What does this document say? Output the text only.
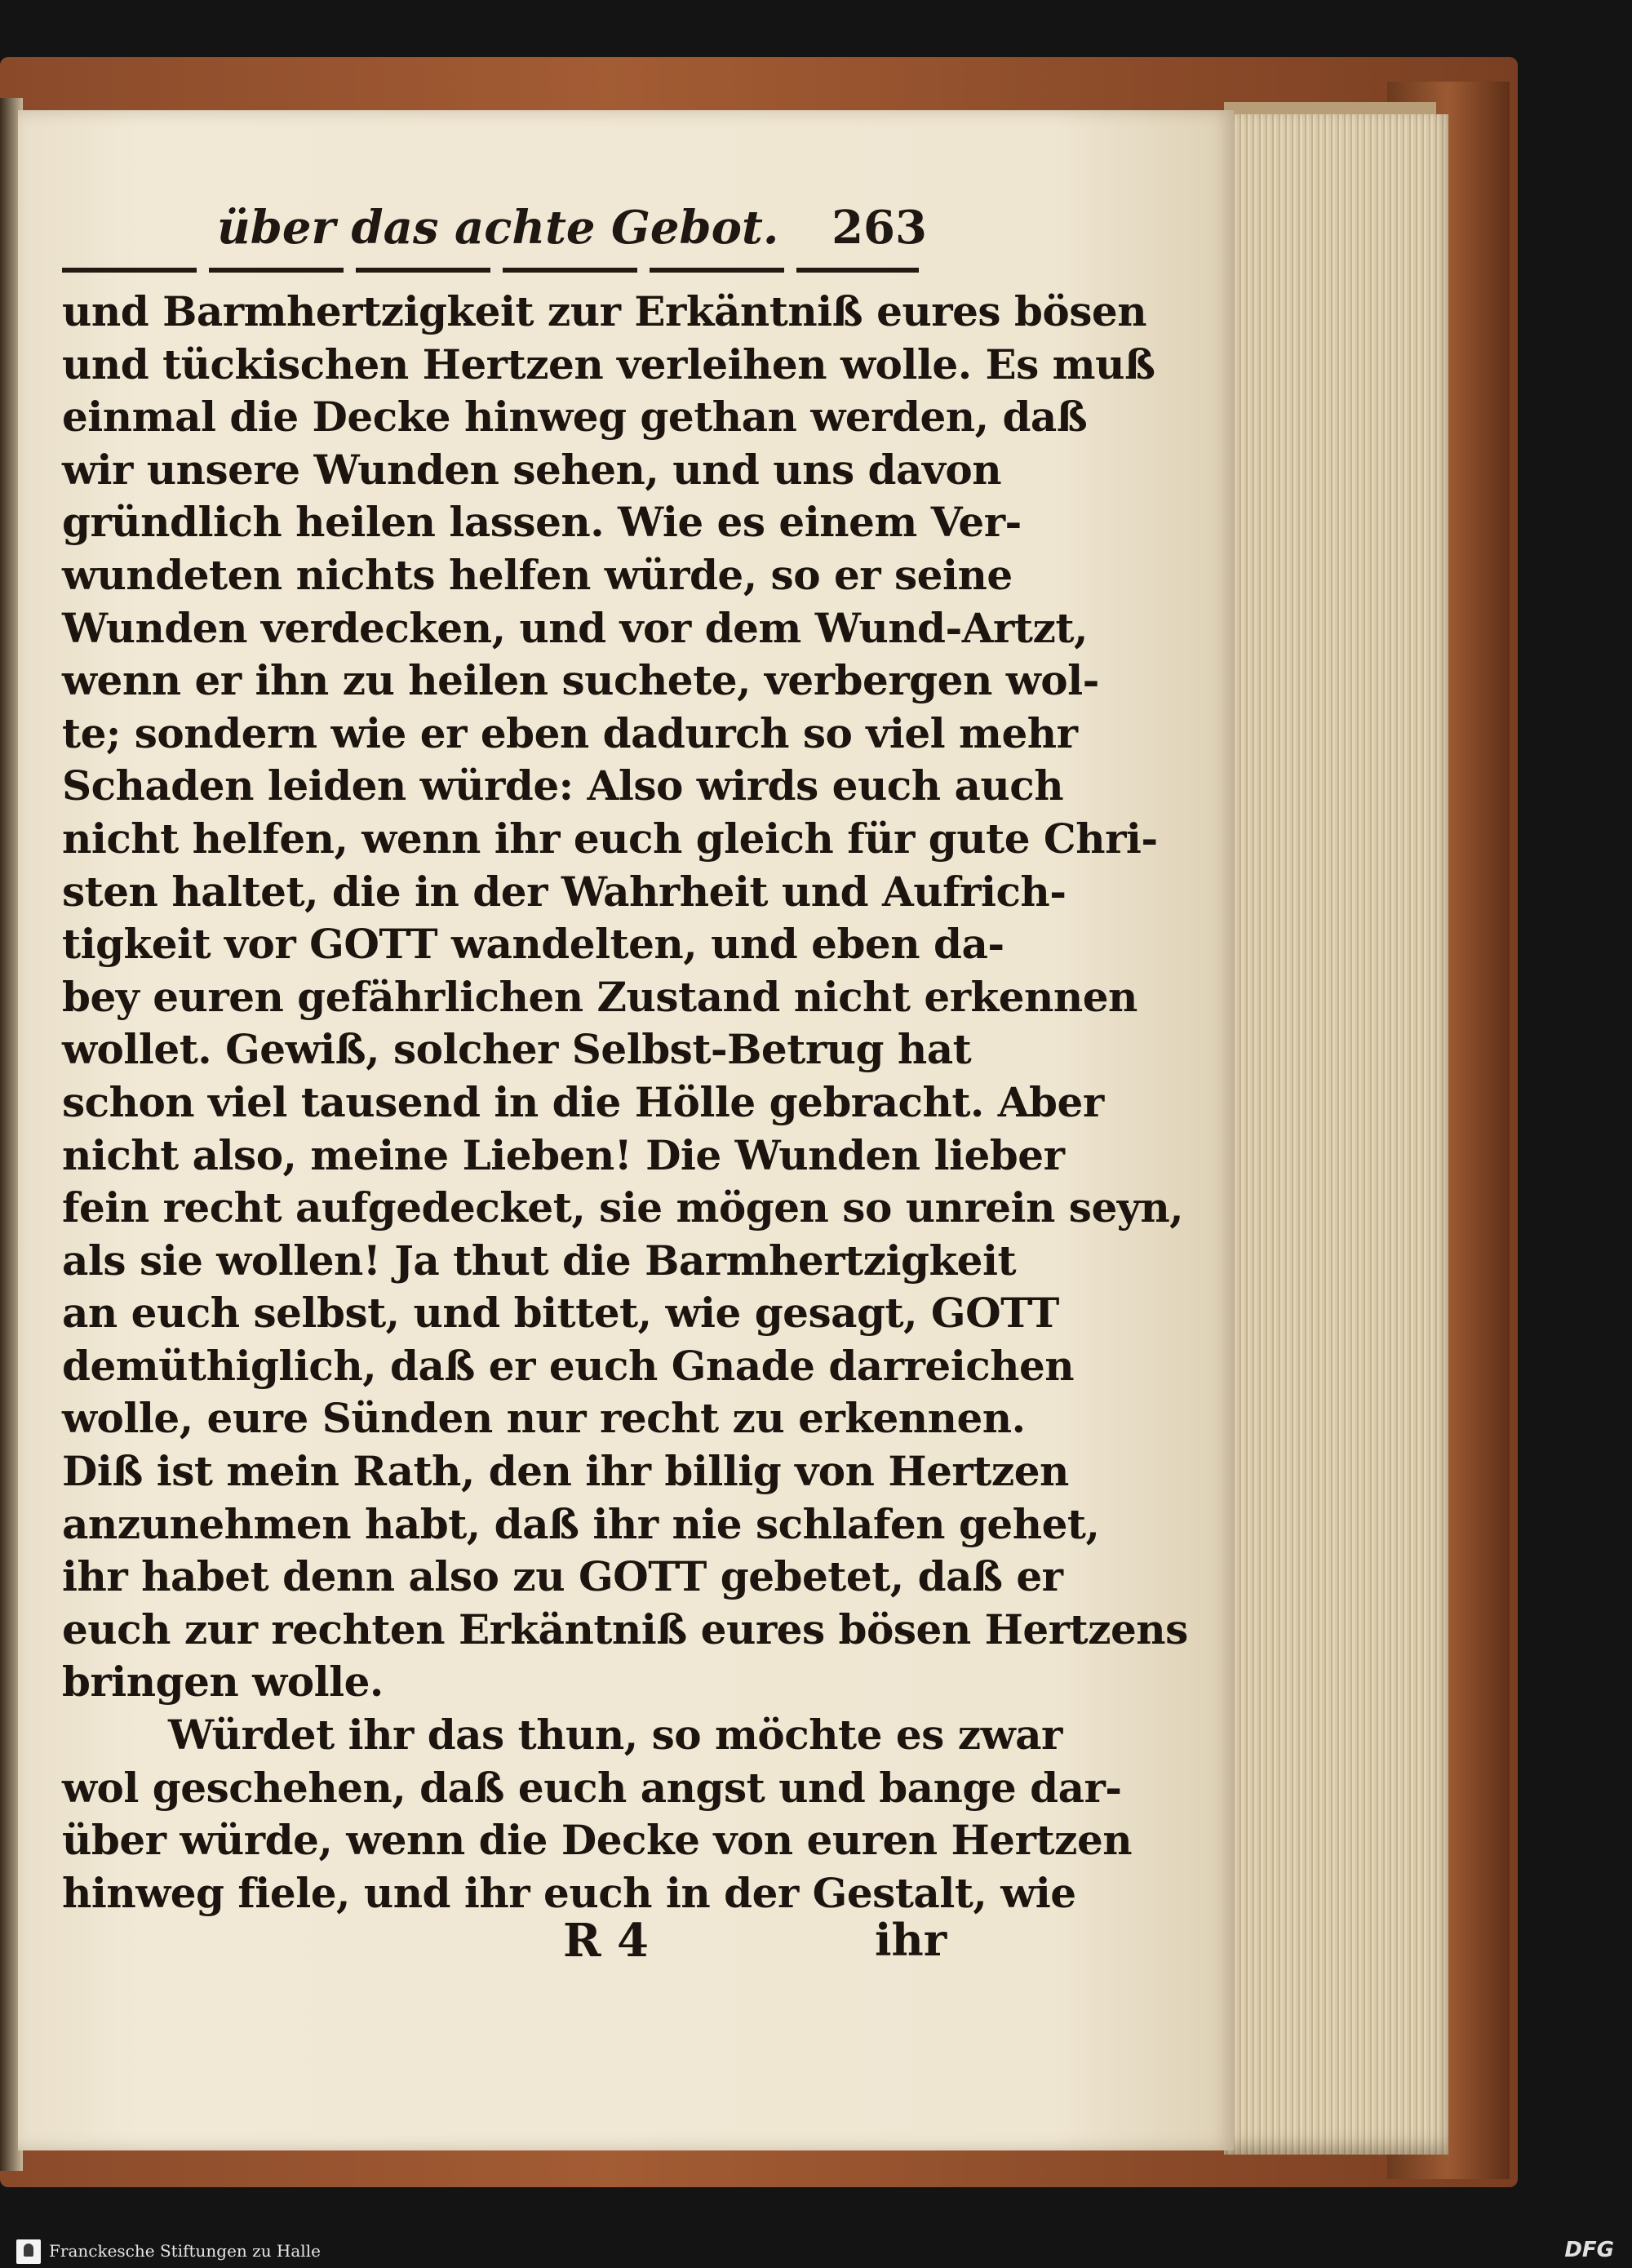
über das achte Gebot. 263
und Barmhertzigkeit zur Erkäntniß eures bösen
und tückischen Hertzen verleihen wolle. Es muß
einmal die Decke hinweg gethan werden, daß
wir unsere Wunden sehen, und uns davon
gründlich heilen lassen. Wie es einem Ver-
wundeten nichts helfen würde, so er seine
Wunden verdecken, und vor dem Wund-Artzt,
wenn er ihn zu heilen suchete, verbergen wol-
te; sondern wie er eben dadurch so viel mehr
Schaden leiden würde: Also wirds euch auch
nicht helfen, wenn ihr euch gleich für gute Chri-
sten haltet, die in der Wahrheit und Aufrich-
tigkeit vor GOTT wandelten, und eben da-
bey euren gefährlichen Zustand nicht erkennen
wollet. Gewiß, solcher Selbst-Betrug hat
schon viel tausend in die Hölle gebracht. Aber
nicht also, meine Lieben! Die Wunden lieber
fein recht aufgedecket, sie mögen so unrein seyn,
als sie wollen! Ja thut die Barmhertzigkeit
an euch selbst, und bittet, wie gesagt, GOTT
demüthiglich, daß er euch Gnade darreichen
wolle, eure Sünden nur recht zu erkennen.
Diß ist mein Rath, den ihr billig von Hertzen
anzunehmen habt, daß ihr nie schlafen gehet,
ihr habet denn also zu GOTT gebetet, daß er
euch zur rechten Erkäntniß eures bösen Hertzens
bringen wolle.
Würdet ihr das thun, so möchte es zwar
wol geschehen, daß euch angst und bange dar-
über würde, wenn die Decke von euren Hertzen
hinweg fiele, und ihr euch in der Gestalt, wie
R 4	ihr
Franckesche Stiftungen zu Halle	DFG
